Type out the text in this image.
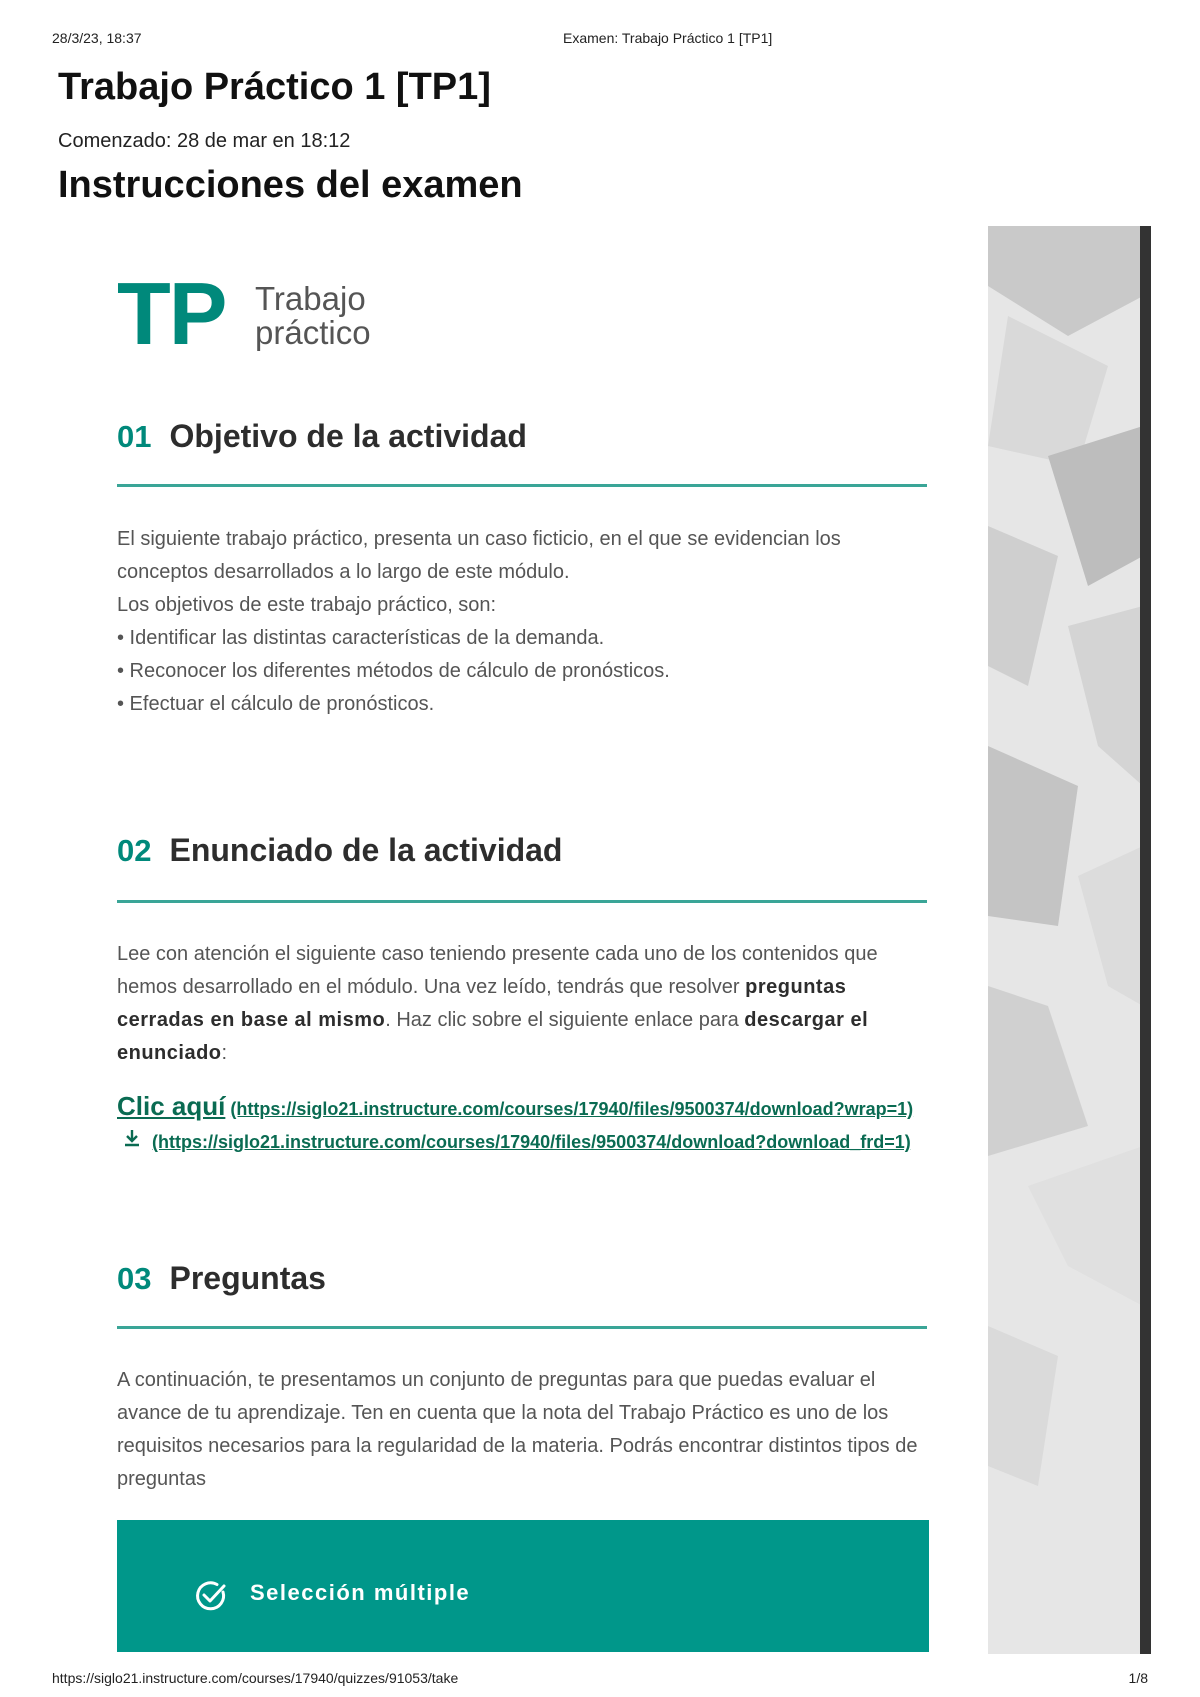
28/3/23, 18:37	Examen: Trabajo Práctico 1 [TP1]
Trabajo Práctico 1 [TP1]
Comenzado: 28 de mar en 18:12
Instrucciones del examen
TP Trabajo
práctico
01 Objetivo de la actividad
El siguiente trabajo práctico, presenta un caso ficticio, en el que se evidencian los conceptos desarrollados a lo largo de este módulo.
Los objetivos de este trabajo práctico, son:
• Identificar las distintas características de la demanda.
• Reconocer los diferentes métodos de cálculo de pronósticos.
• Efectuar el cálculo de pronósticos.
02 Enunciado de la actividad
Lee con atención el siguiente caso teniendo presente cada uno de los contenidos que hemos desarrollado en el módulo. Una vez leído, tendrás que resolver preguntas cerradas en base al mismo. Haz clic sobre el siguiente enlace para descargar el enunciado:
Clic aquí (https://siglo21.instructure.com/courses/17940/files/9500374/download?wrap=1)  (https://siglo21.instructure.com/courses/17940/files/9500374/download?download_frd=1)
03 Preguntas
A continuación, te presentamos un conjunto de preguntas para que puedas evaluar el avance de tu aprendizaje. Ten en cuenta que la nota del Trabajo Práctico es uno de los requisitos necesarios para la regularidad de la materia. Podrás encontrar distintos tipos de preguntas
Selección múltiple
https://siglo21.instructure.com/courses/17940/quizzes/91053/take	1/8
